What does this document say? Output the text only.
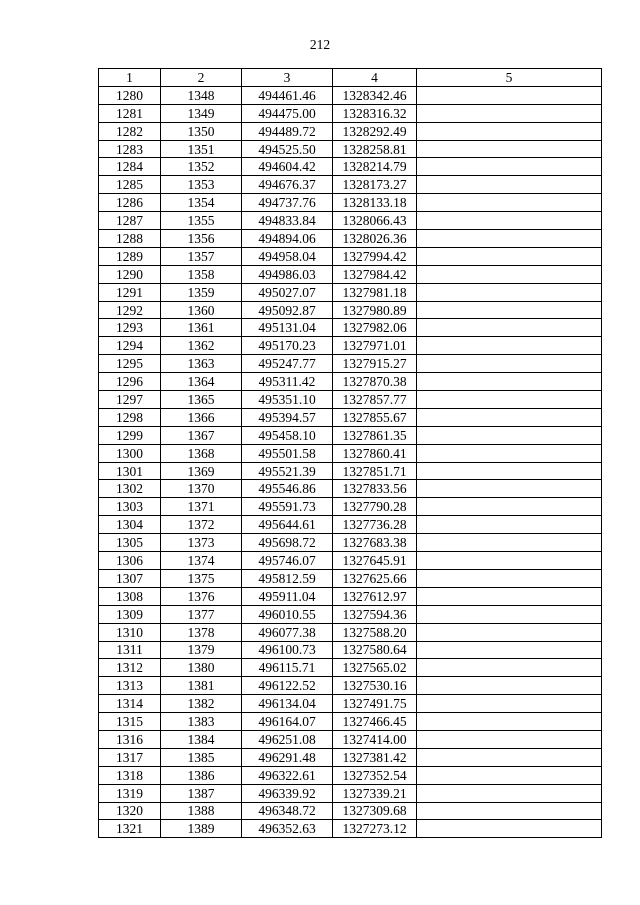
212
1	2	3	4	5
1280	1348	494461.46	1328342.46	
1281	1349	494475.00	1328316.32	
1282	1350	494489.72	1328292.49	
1283	1351	494525.50	1328258.81	
1284	1352	494604.42	1328214.79	
1285	1353	494676.37	1328173.27	
1286	1354	494737.76	1328133.18	
1287	1355	494833.84	1328066.43	
1288	1356	494894.06	1328026.36	
1289	1357	494958.04	1327994.42	
1290	1358	494986.03	1327984.42	
1291	1359	495027.07	1327981.18	
1292	1360	495092.87	1327980.89	
1293	1361	495131.04	1327982.06	
1294	1362	495170.23	1327971.01	
1295	1363	495247.77	1327915.27	
1296	1364	495311.42	1327870.38	
1297	1365	495351.10	1327857.77	
1298	1366	495394.57	1327855.67	
1299	1367	495458.10	1327861.35	
1300	1368	495501.58	1327860.41	
1301	1369	495521.39	1327851.71	
1302	1370	495546.86	1327833.56	
1303	1371	495591.73	1327790.28	
1304	1372	495644.61	1327736.28	
1305	1373	495698.72	1327683.38	
1306	1374	495746.07	1327645.91	
1307	1375	495812.59	1327625.66	
1308	1376	495911.04	1327612.97	
1309	1377	496010.55	1327594.36	
1310	1378	496077.38	1327588.20	
1311	1379	496100.73	1327580.64	
1312	1380	496115.71	1327565.02	
1313	1381	496122.52	1327530.16	
1314	1382	496134.04	1327491.75	
1315	1383	496164.07	1327466.45	
1316	1384	496251.08	1327414.00	
1317	1385	496291.48	1327381.42	
1318	1386	496322.61	1327352.54	
1319	1387	496339.92	1327339.21	
1320	1388	496348.72	1327309.68	
1321	1389	496352.63	1327273.12	
